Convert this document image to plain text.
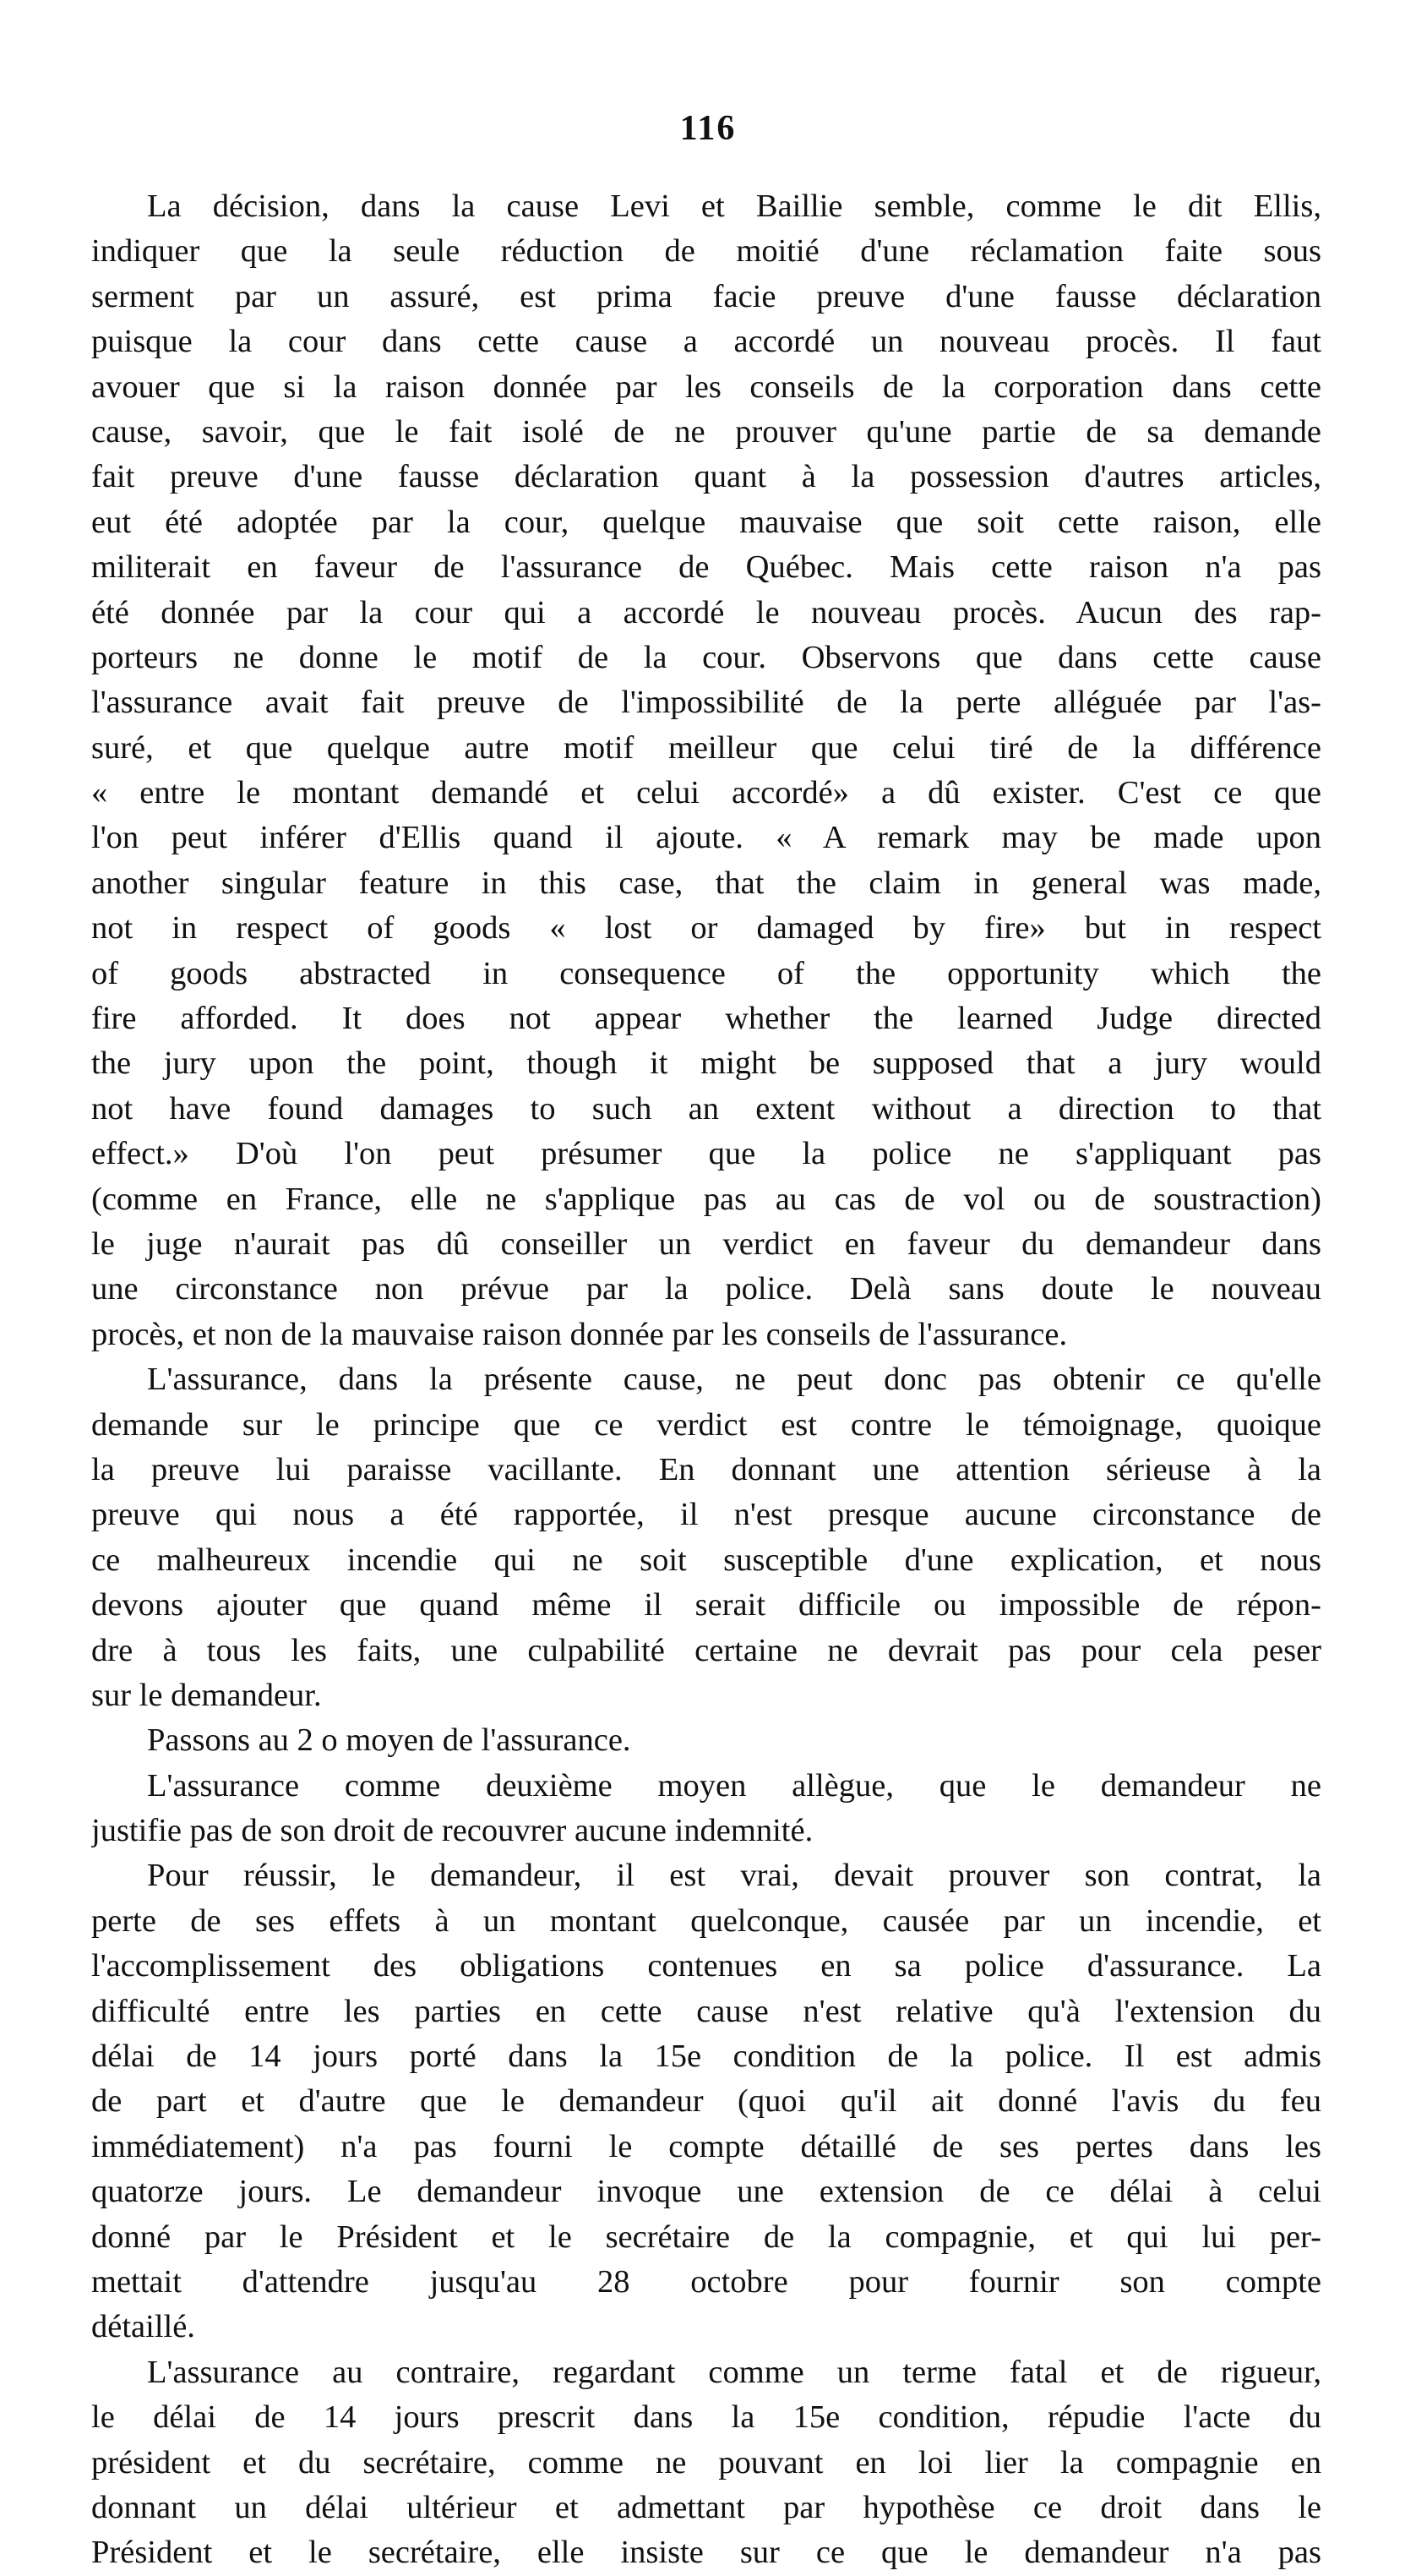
116
La décision, dans la cause Levi et Baillie semble, comme le dit Ellis,
indiquer que la seule réduction de moitié d'une réclamation faite sous
serment par un assuré, est prima facie preuve d'une fausse déclaration
puisque la cour dans cette cause a accordé un nouveau procès. Il faut
avouer que si la raison donnée par les conseils de la corporation dans cette
cause, savoir, que le fait isolé de ne prouver qu'une partie de sa demande
fait preuve d'une fausse déclaration quant à la possession d'autres articles,
eut été adoptée par la cour, quelque mauvaise que soit cette raison, elle
militerait en faveur de l'assurance de Québec. Mais cette raison n'a pas
été donnée par la cour qui a accordé le nouveau procès. Aucun des rap-
porteurs ne donne le motif de la cour. Observons que dans cette cause
l'assurance avait fait preuve de l'impossibilité de la perte alléguée par l'as-
suré, et que quelque autre motif meilleur que celui tiré de la différence
« entre le montant demandé et celui accordé» a dû exister. C'est ce que
l'on peut inférer d'Ellis quand il ajoute. « A remark may be made upon
another singular feature in this case, that the claim in general was made,
not in respect of goods « lost or damaged by fire» but in respect
of goods abstracted in consequence of the opportunity which the
fire afforded. It does not appear whether the learned Judge directed
the jury upon the point, though it might be supposed that a jury would
not have found damages to such an extent without a direction to that
effect.» D'où l'on peut présumer que la police ne s'appliquant pas
(comme en France, elle ne s'applique pas au cas de vol ou de soustraction)
le juge n'aurait pas dû conseiller un verdict en faveur du demandeur dans
une circonstance non prévue par la police. Delà sans doute le nouveau
procès, et non de la mauvaise raison donnée par les conseils de l'assurance.
L'assurance, dans la présente cause, ne peut donc pas obtenir ce qu'elle
demande sur le principe que ce verdict est contre le témoignage, quoique
la preuve lui paraisse vacillante. En donnant une attention sérieuse à la
preuve qui nous a été rapportée, il n'est presque aucune circonstance de
ce malheureux incendie qui ne soit susceptible d'une explication, et nous
devons ajouter que quand même il serait difficile ou impossible de répon-
dre à tous les faits, une culpabilité certaine ne devrait pas pour cela peser
sur le demandeur.
Passons au 2 o moyen de l'assurance.
L'assurance comme deuxième moyen allègue, que le demandeur ne
justifie pas de son droit de recouvrer aucune indemnité.
Pour réussir, le demandeur, il est vrai, devait prouver son contrat, la
perte de ses effets à un montant quelconque, causée par un incendie, et
l'accomplissement des obligations contenues en sa police d'assurance. La
difficulté entre les parties en cette cause n'est relative qu'à l'extension du
délai de 14 jours porté dans la 15e condition de la police. Il est admis
de part et d'autre que le demandeur (quoi qu'il ait donné l'avis du feu
immédiatement) n'a pas fourni le compte détaillé de ses pertes dans les
quatorze jours. Le demandeur invoque une extension de ce délai à celui
donné par le Président et le secrétaire de la compagnie, et qui lui per-
mettait d'attendre jusqu'au 28 octobre pour fournir son compte
détaillé.
L'assurance au contraire, regardant comme un terme fatal et de rigueur,
le délai de 14 jours prescrit dans la 15e condition, répudie l'acte du
président et du secrétaire, comme ne pouvant en loi lier la compagnie en
donnant un délai ultérieur et admettant par hypothèse ce droit dans le
Président et le secrétaire, elle insiste sur ce que le demandeur n'a pas
